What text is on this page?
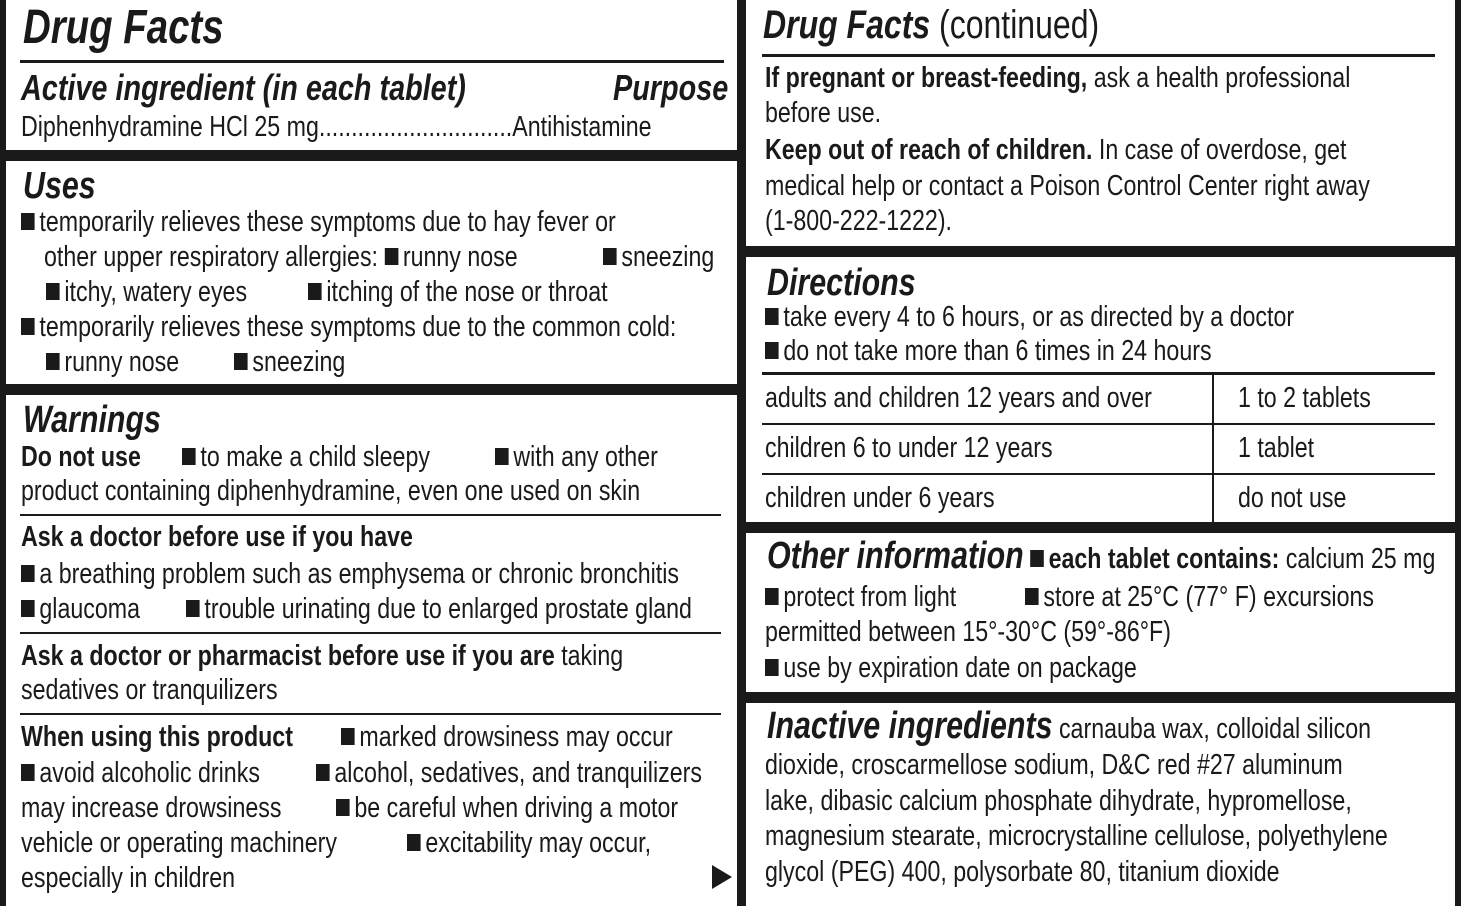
Drug Facts
Active ingredient (in each tablet)	Purpose
Diphenhydramine HCl 25 mg..............................Antihistamine
Uses
temporarily relieves these symptoms due to hay fever or
other upper respiratory allergies: runny nose	sneezing
itchy, watery eyes	itching of the nose or throat
temporarily relieves these symptoms due to the common cold:
runny nose	sneezing
Warnings
Do not use	to make a child sleepy	with any other
product containing diphenhydramine, even one used on skin
Ask a doctor before use if you have
a breathing problem such as emphysema or chronic bronchitis
glaucoma	trouble urinating due to enlarged prostate gland
Ask a doctor or pharmacist before use if you are taking
sedatives or tranquilizers
When using this product	marked drowsiness may occur
avoid alcoholic drinks	alcohol, sedatives, and tranquilizers
may increase drowsiness	be careful when driving a motor
vehicle or operating machinery	excitability may occur,
especially in children
Drug Facts (continued)
If pregnant or breast-feeding, ask a health professional
before use.
Keep out of reach of children. In case of overdose, get
medical help or contact a Poison Control Center right away
(1-800-222-1222).
Directions
take every 4 to 6 hours, or as directed by a doctor
do not take more than 6 times in 24 hours
adults and children 12 years and over	1 to 2 tablets
children 6 to under 12 years	1 tablet
children under 6 years	do not use
Other information each tablet contains: calcium 25 mg
protect from light	store at 25°C (77° F) excursions
permitted between 15°-30°C (59°-86°F)
use by expiration date on package
Inactive ingredients carnauba wax, colloidal silicon
dioxide, croscarmellose sodium, D&C red #27 aluminum
lake, dibasic calcium phosphate dihydrate, hypromellose,
magnesium stearate, microcrystalline cellulose, polyethylene
glycol (PEG) 400, polysorbate 80, titanium dioxide
